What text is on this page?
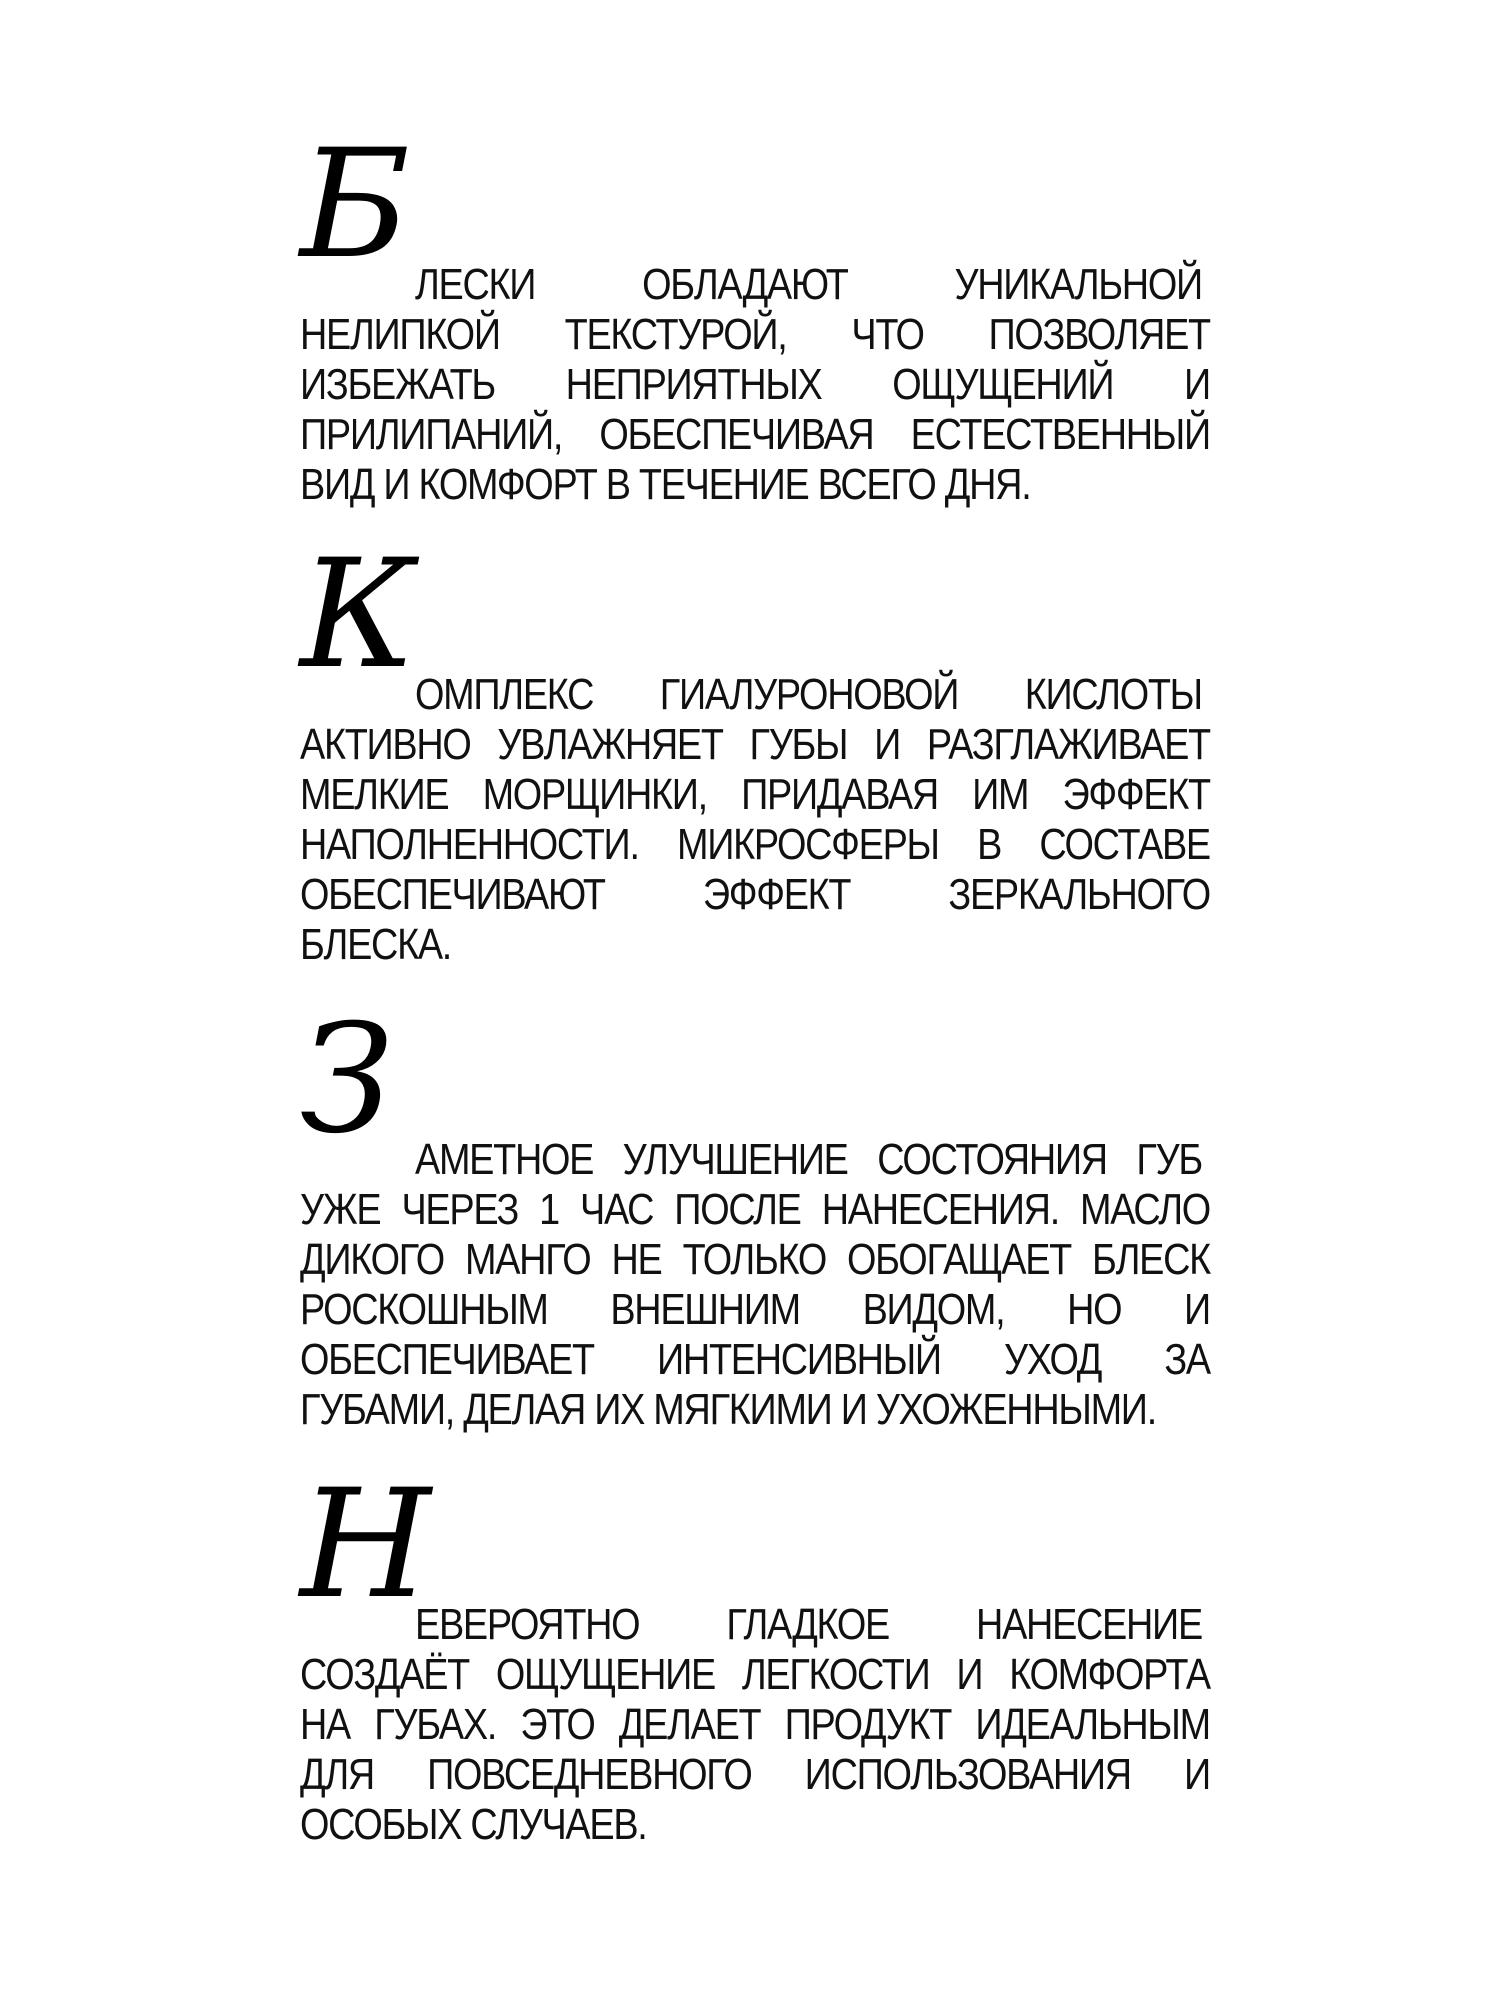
Б ЛЕСКИ ОБЛАДАЮТ УНИКАЛЬНОЙ
НЕЛИПКОЙ ТЕКСТУРОЙ, ЧТО ПОЗВОЛЯЕТ
ИЗБЕЖАТЬ НЕПРИЯТНЫХ ОЩУЩЕНИЙ И
ПРИЛИПАНИЙ, ОБЕСПЕЧИВАЯ ЕСТЕСТВЕННЫЙ
ВИД И КОМФОРТ В ТЕЧЕНИЕ ВСЕГО ДНЯ.
К
ОМПЛЕКС ГИАЛУРОНОВОЙ КИСЛОТЫ
АКТИВНО УВЛАЖНЯЕТ ГУБЫ И РАЗГЛАЖИВАЕТ
МЕЛКИЕ МОРЩИНКИ, ПРИДАВАЯ ИМ ЭФФЕКТ
НАПОЛНЕННОСТИ. МИКРОСФЕРЫ В СОСТАВЕ
ОБЕСПЕЧИВАЮТ ЭФФЕКТ ЗЕРКАЛЬНОГО
БЛЕСКА.
З АМЕТНОЕ УЛУЧШЕНИЕ СОСТОЯНИЯ ГУБ
УЖЕ ЧЕРЕЗ 1 ЧАС ПОСЛЕ НАНЕСЕНИЯ. МАСЛО
ДИКОГО МАНГО НЕ ТОЛЬКО ОБОГАЩАЕТ БЛЕСК
РОСКОШНЫМ ВНЕШНИМ ВИДОМ, НО И
ОБЕСПЕЧИВАЕТ ИНТЕНСИВНЫЙ УХОД ЗА
ГУБАМИ, ДЕЛАЯ ИХ МЯГКИМИ И УХОЖЕННЫМИ.
Н
ЕВЕРОЯТНО ГЛАДКОЕ НАНЕСЕНИЕ
СОЗДАЁТ ОЩУЩЕНИЕ ЛЕГКОСТИ И КОМФОРТА
НА ГУБАХ. ЭТО ДЕЛАЕТ ПРОДУКТ ИДЕАЛЬНЫМ
ДЛЯ ПОВСЕДНЕВНОГО ИСПОЛЬЗОВАНИЯ И
ОСОБЫХ СЛУЧАЕВ.
